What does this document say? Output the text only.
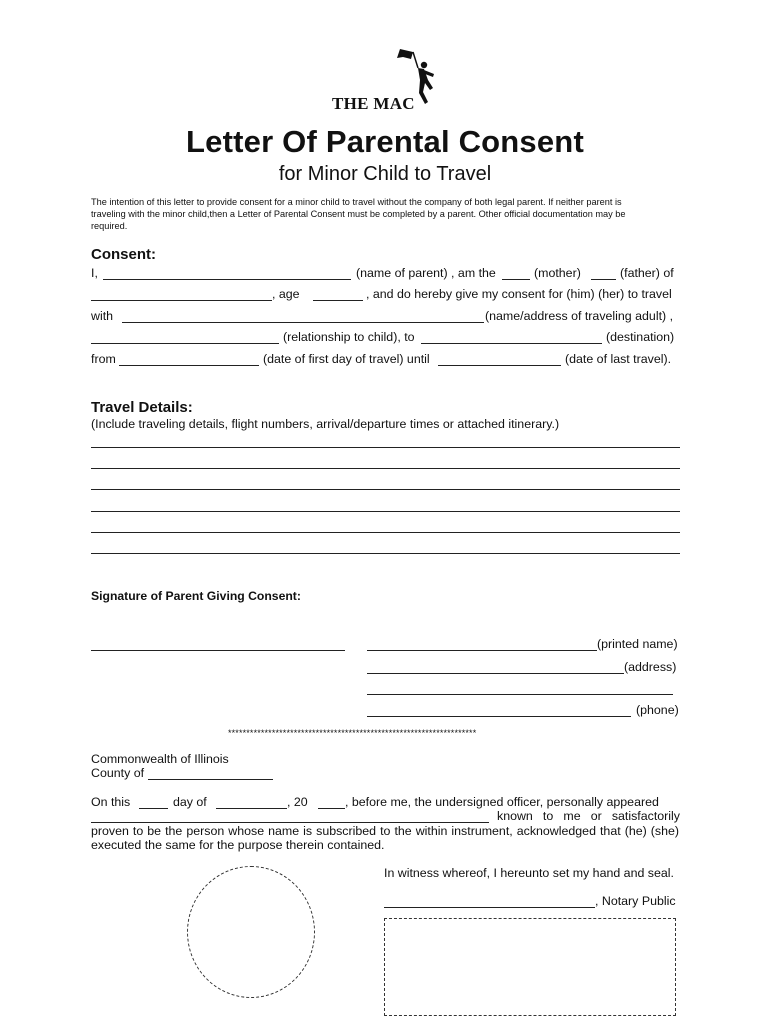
THE MAC
Letter Of Parental Consent
for Minor Child to Travel
The intention of this letter to provide consent for a minor child to travel without the company of both legal parent. If neither parent is
traveling with the minor child,then a Letter of Parental Consent must be completed by a parent. Other official documentation may be
required.
Consent:
I,	(name of parent) , am the	(mother)	(father) of
, age	, and do hereby give my consent for (him) (her) to travel
with	(name/address of traveling adult) ,
(relationship to child), to	(destination)
from	(date of first day of travel) until	(date of last travel).
Travel Details:
(Include traveling details, flight numbers, arrival/departure times or attached itinerary.)
Signature of Parent Giving Consent:
(printed name)
(address)
(phone)
********************************************************************
Commonwealth of Illinois
County of
On this	day of	, 20	, before me, the undersigned officer, personally appeared
known to me or satisfactorily
proven to be the person whose name is subscribed to the within instrument, acknowledged that (he) (she)
executed the same for the purpose therein contained.
In witness whereof, I hereunto set my hand and seal.
, Notary Public
